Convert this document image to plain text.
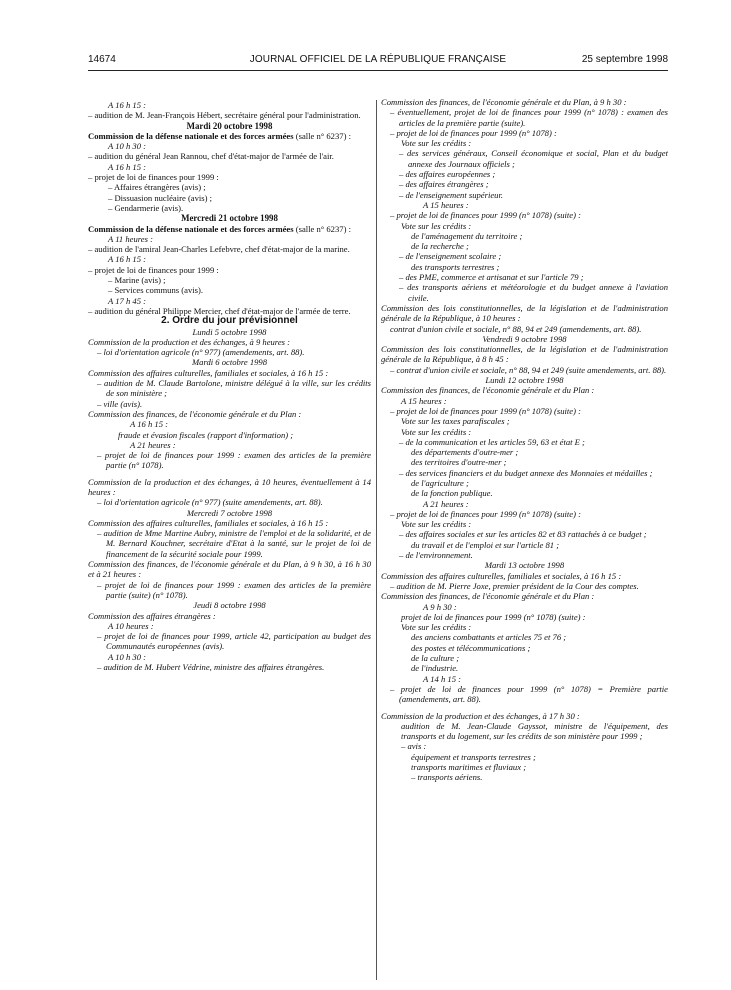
14674	JOURNAL OFFICIEL DE LA RÉPUBLIQUE FRANÇAISE	25 septembre 1998
A 16 h 15 :
– audition de M. Jean-François Hébert, secrétaire général pour l'administration.
Mardi 20 octobre 1998
Commission de la défense nationale et des forces armées (salle n° 6237) :
A 10 h 30 :
– audition du général Jean Rannou, chef d'état-major de l'armée de l'air.
A 16 h 15 :
– projet de loi de finances pour 1999 :
– Affaires étrangères (avis) ;
– Dissuasion nucléaire (avis) ;
– Gendarmerie (avis).
Mercredi 21 octobre 1998
Commission de la défense nationale et des forces armées (salle n° 6237) :
A 11 heures :
– audition de l'amiral Jean-Charles Lefebvre, chef d'état-major de la marine.
A 16 h 15 :
– projet de loi de finances pour 1999 :
– Marine (avis) ;
– Services communs (avis).
A 17 h 45 :
– audition du général Philippe Mercier, chef d'état-major de l'armée de terre.
2. Ordre du jour prévisionnel
Lundi 5 octobre 1998
Commission de la production et des échanges, à 9 heures :
– loi d'orientation agricole (n° 977) (amendements, art. 88).
Mardi 6 octobre 1998
Commission des affaires culturelles, familiales et sociales, à 16 h 15 :
– audition de M. Claude Bartolone, ministre délégué à la ville, sur les crédits de son ministère ;
– ville (avis).
Commission des finances, de l'économie générale et du Plan :
A 16 h 15 :
fraude et évasion fiscales (rapport d'information) ;
A 21 heures :
– projet de loi de finances pour 1999 : examen des articles de la première partie (n° 1078).
Commission de la production et des échanges, à 10 heures, éventuellement à 14 heures :
– loi d'orientation agricole (n° 977) (suite amendements, art. 88).
Mercredi 7 octobre 1998
Commission des affaires culturelles, familiales et sociales, à 16 h 15 :
– audition de Mme Martine Aubry, ministre de l'emploi et de la solidarité, et de M. Bernard Kouchner, secrétaire d'Etat à la santé, sur le projet de loi de financement de la sécurité sociale pour 1999.
Commission des finances, de l'économie générale et du Plan, à 9 h 30, à 16 h 30 et à 21 heures :
– projet de loi de finances pour 1999 : examen des articles de la première partie (suite) (n° 1078).
Jeudi 8 octobre 1998
Commission des affaires étrangères :
A 10 heures :
– projet de loi de finances pour 1999, article 42, participation au budget des Communautés européennes (avis).
A 10 h 30 :
– audition de M. Hubert Védrine, ministre des affaires étrangères.
Commission des finances, de l'économie générale et du Plan, à 9 h 30 :
– éventuellement, projet de loi de finances pour 1999 (n° 1078) : examen des articles de la première partie (suite).
– projet de loi de finances pour 1999 (n° 1078) :
Vote sur les crédits :
– des services généraux, Conseil économique et social, Plan et du budget annexe des Journaux officiels ;
– des affaires européennes ;
– des affaires étrangères ;
– de l'enseignement supérieur.
A 15 heures :
– projet de loi de finances pour 1999 (n° 1078) (suite) :
Vote sur les crédits :
de l'aménagement du territoire ;
de la recherche ;
– de l'enseignement scolaire ;
des transports terrestres ;
– des PME, commerce et artisanat et sur l'article 79 ;
– des transports aériens et météorologie et du budget annexe à l'aviation civile.
Commission des lois constitutionnelles, de la législation et de l'administration générale de la République, à 10 heures :
contrat d'union civile et sociale, n° 88, 94 et 249 (amendements, art. 88).
Vendredi 9 octobre 1998
Commission des lois constitutionnelles, de la législation et de l'administration générale de la République, à 8 h 45 :
– contrat d'union civile et sociale, n° 88, 94 et 249 (suite amendements, art. 88).
Lundi 12 octobre 1998
Commission des finances, de l'économie générale et du Plan :
A 15 heures :
– projet de loi de finances pour 1999 (n° 1078) (suite) :
Vote sur les taxes parafiscales ;
Vote sur les crédits :
– de la communication et les articles 59, 63 et état E ;
des départements d'outre-mer ;
des territoires d'outre-mer ;
– des services financiers et du budget annexe des Monnaies et médailles ;
de l'agriculture ;
de la fonction publique.
A 21 heures :
– projet de loi de finances pour 1999 (n° 1078) (suite) :
Vote sur les crédits :
– des affaires sociales et sur les articles 82 et 83 rattachés à ce budget ;
du travail et de l'emploi et sur l'article 81 ;
– de l'environnement.
Mardi 13 octobre 1998
Commission des affaires culturelles, familiales et sociales, à 16 h 15 :
– audition de M. Pierre Joxe, premier président de la Cour des comptes.
Commission des finances, de l'économie générale et du Plan :
A 9 h 30 :
projet de loi de finances pour 1999 (n° 1078) (suite) :
Vote sur les crédits :
des anciens combattants et articles 75 et 76 ;
des postes et télécommunications ;
de la culture ;
de l'industrie.
A 14 h 15 :
– projet de loi de finances pour 1999 (n° 1078) = Première partie (amendements, art. 88).
Commission de la production et des échanges, à 17 h 30 :
audition de M. Jean-Claude Gayssot, ministre de l'équipement, des transports et du logement, sur les crédits de son ministère pour 1999 ;
– avis :
équipement et transports terrestres ;
transports maritimes et fluviaux ;
– transports aériens.
